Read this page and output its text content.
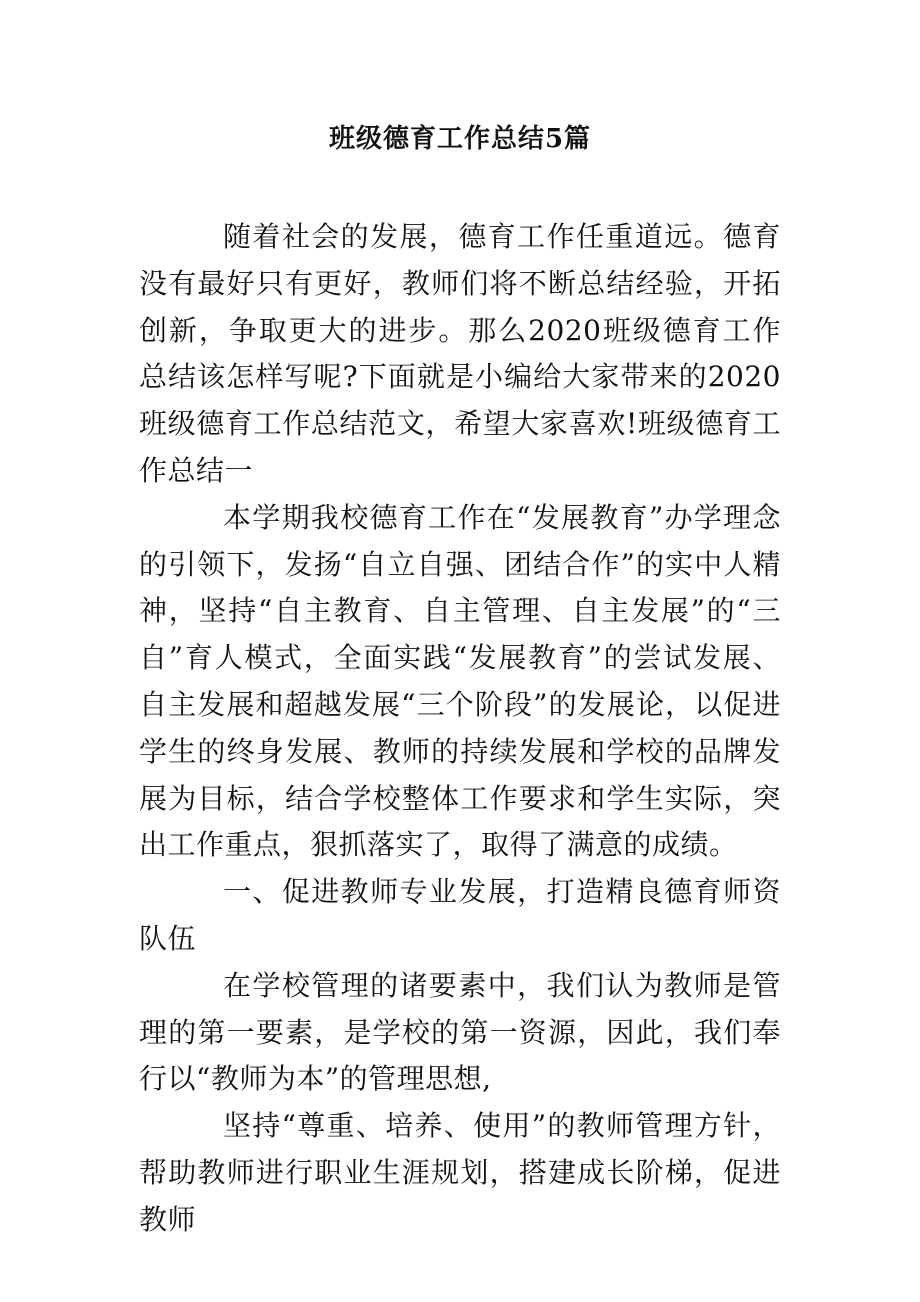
班级德育工作总结5篇

随着社会的发展，德育工作任重道远。德育没有最好只有更好，教师们将不断总结经验，开拓创新，争取更大的进步。那么2020班级德育工作总结该怎样写呢?下面就是小编给大家带来的2020班级德育工作总结范文，希望大家喜欢!班级德育工作总结一

本学期我校德育工作在“发展教育”办学理念的引领下，发扬“自立自强、团结合作”的实中人精神，坚持“自主教育、自主管理、自主发展”的“三自”育人模式，全面实践“发展教育”的尝试发展、自主发展和超越发展“三个阶段”的发展论，以促进学生的终身发展、教师的持续发展和学校的品牌发展为目标，结合学校整体工作要求和学生实际，突出工作重点，狠抓落实了，取得了满意的成绩。

一、促进教师专业发展，打造精良德育师资队伍

在学校管理的诸要素中，我们认为教师是管理的第一要素，是学校的第一资源，因此，我们奉行以“教师为本”的管理思想,

坚持“尊重、培养、使用”的教师管理方针，帮助教师进行职业生涯规划，搭建成长阶梯，促进教师
